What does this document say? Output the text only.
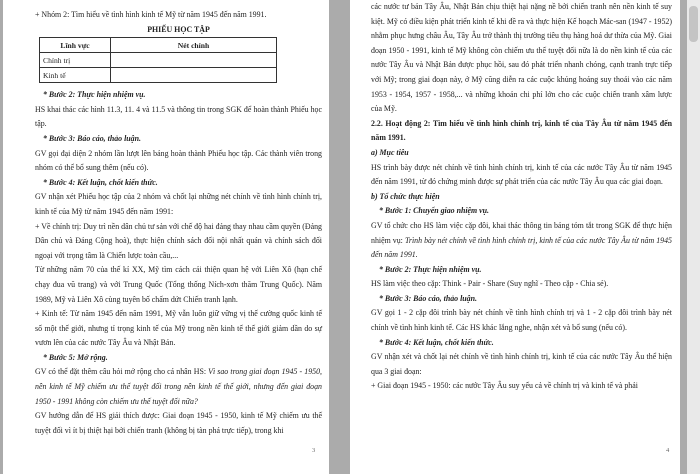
+ Nhóm 2: Tìm hiểu về tình hình kinh tế Mỹ từ năm 1945 đến năm 1991.

PHIẾU HỌC TẬP
Lĩnh vực	Nét chính
Chính trị	
Kinh tế	

* Bước 2: Thực hiện nhiệm vụ.

HS khai thác các hình 11.3, 11. 4 và 11.5 và thông tin trong SGK để hoàn thành Phiếu học tập.

* Bước 3: Báo cáo, thảo luận.

GV gọi đại diện 2 nhóm lần lượt lên bảng hoàn thành Phiếu học tập. Các thành viên trong nhóm có thể bổ sung thêm (nếu có).

* Bước 4: Kết luận, chốt kiến thức.

GV nhận xét Phiếu học tập của 2 nhóm và chốt lại những nét chính về tình hình chính trị, kinh tế của Mỹ từ năm 1945 đến năm 1991:

+ Về chính trị: Duy trì nền dân chủ tư sản với chế độ hai đảng thay nhau cầm quyền (Đảng Dân chủ và Đảng Cộng hoà), thực hiện chính sách đối nội nhất quán và chính sách đối ngoại với trọng tâm là Chiến lược toàn cầu,...

Từ những năm 70 của thế kỉ XX, Mỹ tìm cách cải thiện quan hệ với Liên Xô (hạn chế chạy đua vũ trang) và với Trung Quốc (Tổng thống Ních-xơn thăm Trung Quốc). Năm 1989, Mỹ và Liên Xô cùng tuyên bố chấm dứt Chiến tranh lạnh.

+ Kinh tế: Từ năm 1945 đến năm 1991, Mỹ vẫn luôn giữ vững vị thế cường quốc kinh tế số một thế giới, nhưng tỉ trọng kinh tế của Mỹ trong nền kinh tế thế giới giảm dần do sự vươn lên của các nước Tây Âu và Nhật Bản.

* Bước 5: Mở rộng.

GV có thể đặt thêm câu hỏi mở rộng cho cá nhân HS: Vì sao trong giai đoạn 1945 - 1950, nền kinh tế Mỹ chiếm ưu thế tuyệt đối trong nền kinh tế thế giới, nhưng đến giai đoạn 1950 - 1991 không còn chiếm ưu thế tuyệt đối nữa?

GV hướng dẫn để HS giải thích được: Giai đoạn 1945 - 1950, kinh tế Mỹ chiếm ưu thế tuyệt đối vì ít bị thiệt hại bởi chiến tranh (không bị tàn phá trực tiếp), trong khi

3

các nước tư bản Tây Âu, Nhật Bản chịu thiệt hại nặng nề bởi chiến tranh nên nền kinh tế suy kiệt. Mỹ có điều kiện phát triển kinh tế khi đề ra và thực hiện Kế hoạch Mác-san (1947 - 1952) nhằm phục hưng châu Âu, Tây Âu trở thành thị trường tiêu thụ hàng hoá dư thừa của Mỹ. Giai đoạn 1950 - 1991, kinh tế Mỹ không còn chiếm ưu thế tuyệt đối nữa là do nền kinh tế của các nước Tây Âu và Nhật Bản được phục hồi, sau đó phát triển nhanh chóng, cạnh tranh trực tiếp với Mỹ; trong giai đoạn này, ở Mỹ cũng diễn ra các cuộc khủng hoảng suy thoái vào các năm 1953 - 1954, 1957 - 1958,... và những khoản chi phí lớn cho các cuộc chiến tranh xâm lược của Mỹ.

2.2. Hoạt động 2: Tìm hiểu về tình hình chính trị, kinh tế của Tây Âu từ năm 1945 đến năm 1991.

a) Mục tiêu

HS trình bày được nét chính về tình hình chính trị, kinh tế của các nước Tây Âu từ năm 1945 đến năm 1991, từ đó chứng minh được sự phát triển của các nước Tây Âu qua các giai đoạn.

b) Tổ chức thực hiện

* Bước 1: Chuyển giao nhiệm vụ.

GV tổ chức cho HS làm việc cặp đôi, khai thác thông tin bảng tóm tắt trong SGK để thực hiện nhiệm vụ: Trình bày nét chính về tình hình chính trị, kinh tế của các nước Tây Âu từ năm 1945 đến năm 1991.

* Bước 2: Thực hiện nhiệm vụ.

HS làm việc theo cặp: Think - Pair - Share (Suy nghĩ - Theo cặp - Chia sẻ).

* Bước 3: Báo cáo, thảo luận.

GV gọi 1 - 2 cặp đôi trình bày nét chính về tình hình chính trị và 1 - 2 cặp đôi trình bày nét chính về tình hình kinh tế. Các HS khác lắng nghe, nhận xét và bổ sung (nếu có).

* Bước 4: Kết luận, chốt kiến thức.

GV nhận xét và chốt lại nét chính về tình hình chính trị, kinh tế của các nước Tây Âu thể hiện qua 3 giai đoạn:

+ Giai đoạn 1945 - 1950: các nước Tây Âu suy yếu cả về chính trị và kinh tế và phải

4
